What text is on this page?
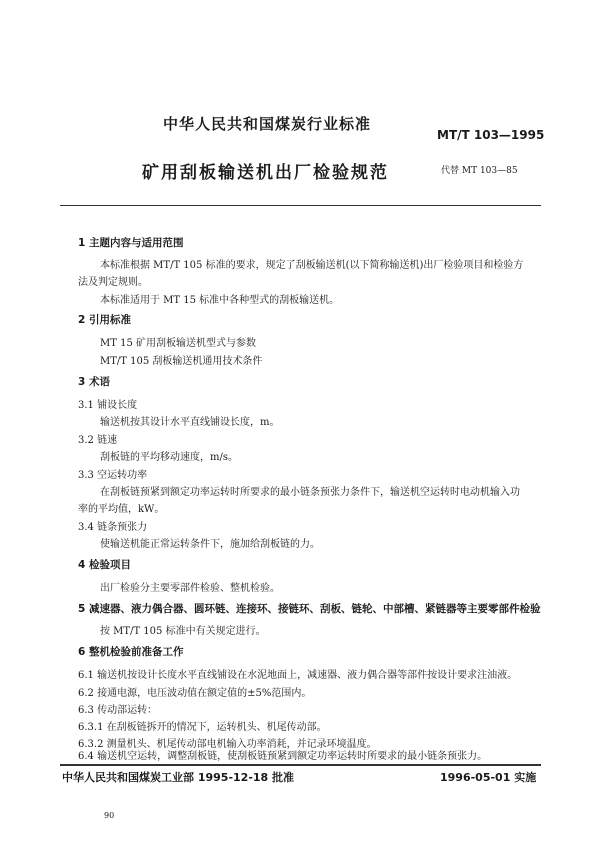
中华人民共和国煤炭行业标准
MT/T 103—1995
矿用刮板输送机出厂检验规范	代替 MT 103—85
1 主题内容与适用范围
本标准根据 MT/T 105 标准的要求，规定了刮板输送机(以下简称输送机)出厂检验项目和检验方
法及判定规则。
本标准适用于 MT 15 标准中各种型式的刮板输送机。
2 引用标准
MT 15 矿用刮板输送机型式与参数
MT/T 105 刮板输送机通用技术条件
3 术语
3.1 铺设长度
输送机按其设计水平直线铺设长度，m。
3.2 链速
刮板链的平均移动速度，m/s。
3.3 空运转功率
在刮板链预紧到额定功率运转时所要求的最小链条预张力条件下，输送机空运转时电动机输入功
率的平均值，kW。
3.4 链条预张力
使输送机能正常运转条件下，施加给刮板链的力。
4 检验项目
出厂检验分主要零部件检验、整机检验。
5 减速器、液力偶合器、圆环链、连接环、接链环、刮板、链轮、中部槽、紧链器等主要零部件检验
按 MT/T 105 标准中有关规定进行。
6 整机检验前准备工作
6.1 输送机按设计长度水平直线铺设在水泥地面上，减速器、液力偶合器等部件按设计要求注油液。
6.2 接通电源，电压波动值在额定值的±5%范围内。
6.3 传动部运转：
6.3.1 在刮板链拆开的情况下，运转机头、机尾传动部。
6.3.2 测量机头、机尾传动部电机输入功率消耗，并记录环境温度。
6.4 输送机空运转，调整刮板链，使刮板链预紧到额定功率运转时所要求的最小链条预张力。
中华人民共和国煤炭工业部 1995-12-18 批准	1996-05-01 实施
90
